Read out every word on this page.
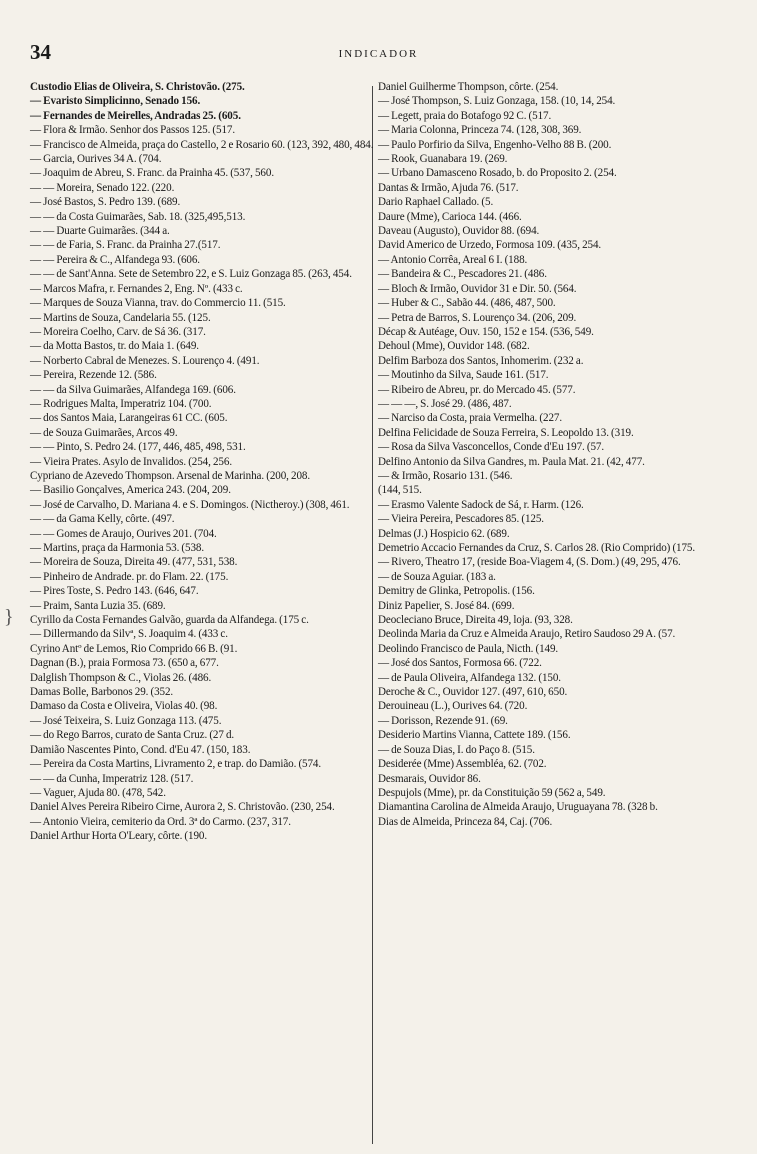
34	INDICADOR
}
Custodio Elias de Oliveira, S. Christovão. (275.
— Evaristo Simplicinno, Senado 156.
— Fernandes de Meirelles, Andradas 25. (605.
— Flora & Irmão. Senhor dos Passos 125. (517.
— Francisco de Almeida, praça do Castello, 2 e Rosario 60. (123, 392, 480, 484.
— Garcia, Ourives 34 A. (704.
— Joaquim de Abreu, S. Franc. da Prainha 45. (537, 560.
— — Moreira, Senado 122. (220.
— José Bastos, S. Pedro 139. (689.
— — da Costa Guimarães, Sab. 18. (325,495,513.
— — Duarte Guimarães. (344 a.
— — de Faria, S. Franc. da Prainha 27.(517.
— — Pereira & C., Alfandega 93. (606.
— — de Sant'Anna. Sete de Setembro 22, e S. Luiz Gonzaga 85. (263, 454.
— Marcos Mafra, r. Fernandes 2, Eng. Nº. (433 c.
— Marques de Souza Vianna, trav. do Commercio 11. (515.
— Martins de Souza, Candelaria 55. (125.
— Moreira Coelho, Carv. de Sá 36. (317.
— da Motta Bastos, tr. do Maia 1. (649.
— Norberto Cabral de Menezes. S. Lourenço 4. (491.
— Pereira, Rezende 12. (586.
— — da Silva Guimarães, Alfandega 169. (606.
— Rodrigues Malta, Imperatriz 104. (700.
— dos Santos Maia, Larangeiras 61 CC. (605.
— de Souza Guimarães, Arcos 49.
— — Pinto, S. Pedro 24. (177, 446, 485, 498, 531.
— Vieira Prates. Asylo de Invalidos. (254, 256.
Cypriano de Azevedo Thompson. Arsenal de Marinha. (200, 208.
— Basilio Gonçalves, America 243. (204, 209.
— José de Carvalho, D. Mariana 4. e S. Domingos. (Nictheroy.) (308, 461.
— — da Gama Kelly, côrte. (497.
— — Gomes de Araujo, Ourives 201. (704.
— Martins, praça da Harmonia 53. (538.
— Moreira de Souza, Direita 49. (477, 531, 538.
— Pinheiro de Andrade. pr. do Flam. 22. (175.
— Pires Toste, S. Pedro 143. (646, 647.
— Praim, Santa Luzia 35. (689.
Cyrillo da Costa Fernandes Galvão, guarda da Alfandega. (175 c.
— Dillermando da Silvª, S. Joaquim 4. (433 c.
Cyrino Antº de Lemos, Rio Comprido 66 B. (91.
Dagnan (B.), praia Formosa 73. (650 a, 677.
Dalglish Thompson & C., Violas 26. (486.
Damas Bolle, Barbonos 29. (352.
Damaso da Costa e Oliveira, Violas 40. (98.
— José Teixeira, S. Luiz Gonzaga 113. (475.
— do Rego Barros, curato de Santa Cruz. (27 d.
Damião Nascentes Pinto, Cond. d'Eu 47. (150, 183.
— Pereira da Costa Martins, Livramento 2, e trap. do Damião. (574.
— — da Cunha, Imperatriz 128. (517.
— Vaguer, Ajuda 80. (478, 542.
Daniel Alves Pereira Ribeiro Cirne, Aurora 2, S. Christovão. (230, 254.
— Antonio Vieira, cemiterio da Ord. 3ª do Carmo. (237, 317.
Daniel Arthur Horta O'Leary, côrte. (190.
Daniel Guilherme Thompson, côrte. (254.
— José Thompson, S. Luiz Gonzaga, 158. (10, 14, 254.
— Legett, praia do Botafogo 92 C. (517.
— Maria Colonna, Princeza 74. (128, 308, 369.
— Paulo Porfirio da Silva, Engenho-Velho 88 B. (200.
— Rook, Guanabara 19. (269.
— Urbano Damasceno Rosado, b. do Proposito 2. (254.
Dantas & Irmão, Ajuda 76. (517.
Dario Raphael Callado. (5.
Daure (Mme), Carioca 144. (466.
Daveau (Augusto), Ouvidor 88. (694.
David Americo de Urzedo, Formosa 109. (435, 254.
— Antonio Corrêa, Areal 6 I. (188.
— Bandeira & C., Pescadores 21. (486.
— Bloch & Irmão, Ouvidor 31 e Dir. 50. (564.
— Huber & C., Sabão 44. (486, 487, 500.
— Petra de Barros, S. Lourenço 34. (206, 209.
Décap & Autéage, Ouv. 150, 152 e 154. (536, 549.
Dehoul (Mme), Ouvidor 148. (682.
Delfim Barboza dos Santos, Inhomerim. (232 a.
— Moutinho da Silva, Saude 161. (517.
— Ribeiro de Abreu, pr. do Mercado 45. (577.
— — —, S. José 29. (486, 487.
— Narciso da Costa, praia Vermelha. (227.
Delfina Felicidade de Souza Ferreira, S. Leopoldo 13. (319.
— Rosa da Silva Vasconcellos, Conde d'Eu 197. (57.
Delfino Antonio da Silva Gandres, m. Paula Mat. 21. (42, 477.
— & Irmão, Rosario 131. (546.
(144, 515.
— Erasmo Valente Sadock de Sá, r. Harm. (126.
— Vieira Pereira, Pescadores 85. (125.
Delmas (J.) Hospicio 62. (689.
Demetrio Accacio Fernandes da Cruz, S. Carlos 28. (Rio Comprido) (175.
— Rivero, Theatro 17, (reside Boa-Viagem 4, (S. Dom.) (49, 295, 476.
— de Souza Aguiar. (183 a.
Demitry de Glinka, Petropolis. (156.
Diniz Papelier, S. José 84. (699.
Deocleciano Bruce, Direita 49, loja. (93, 328.
Deolinda Maria da Cruz e Almeida Araujo, Retiro Saudoso 29 A. (57.
Deolindo Francisco de Paula, Nicth. (149.
— José dos Santos, Formosa 66. (722.
— de Paula Oliveira, Alfandega 132. (150.
Deroche & C., Ouvidor 127. (497, 610, 650.
Derouineau (L.), Ourives 64. (720.
— Dorisson, Rezende 91. (69.
Desiderio Martins Vianna, Cattete 189. (156.
— de Souza Dias, I. do Paço 8. (515.
Desiderée (Mme) Assembléa, 62. (702.
Desmarais, Ouvidor 86.
Despujols (Mme), pr. da Constituição 59 (562 a, 549.
Diamantina Carolina de Almeida Araujo, Uruguayana 78. (328 b.
Dias de Almeida, Princeza 84, Caj. (706.
